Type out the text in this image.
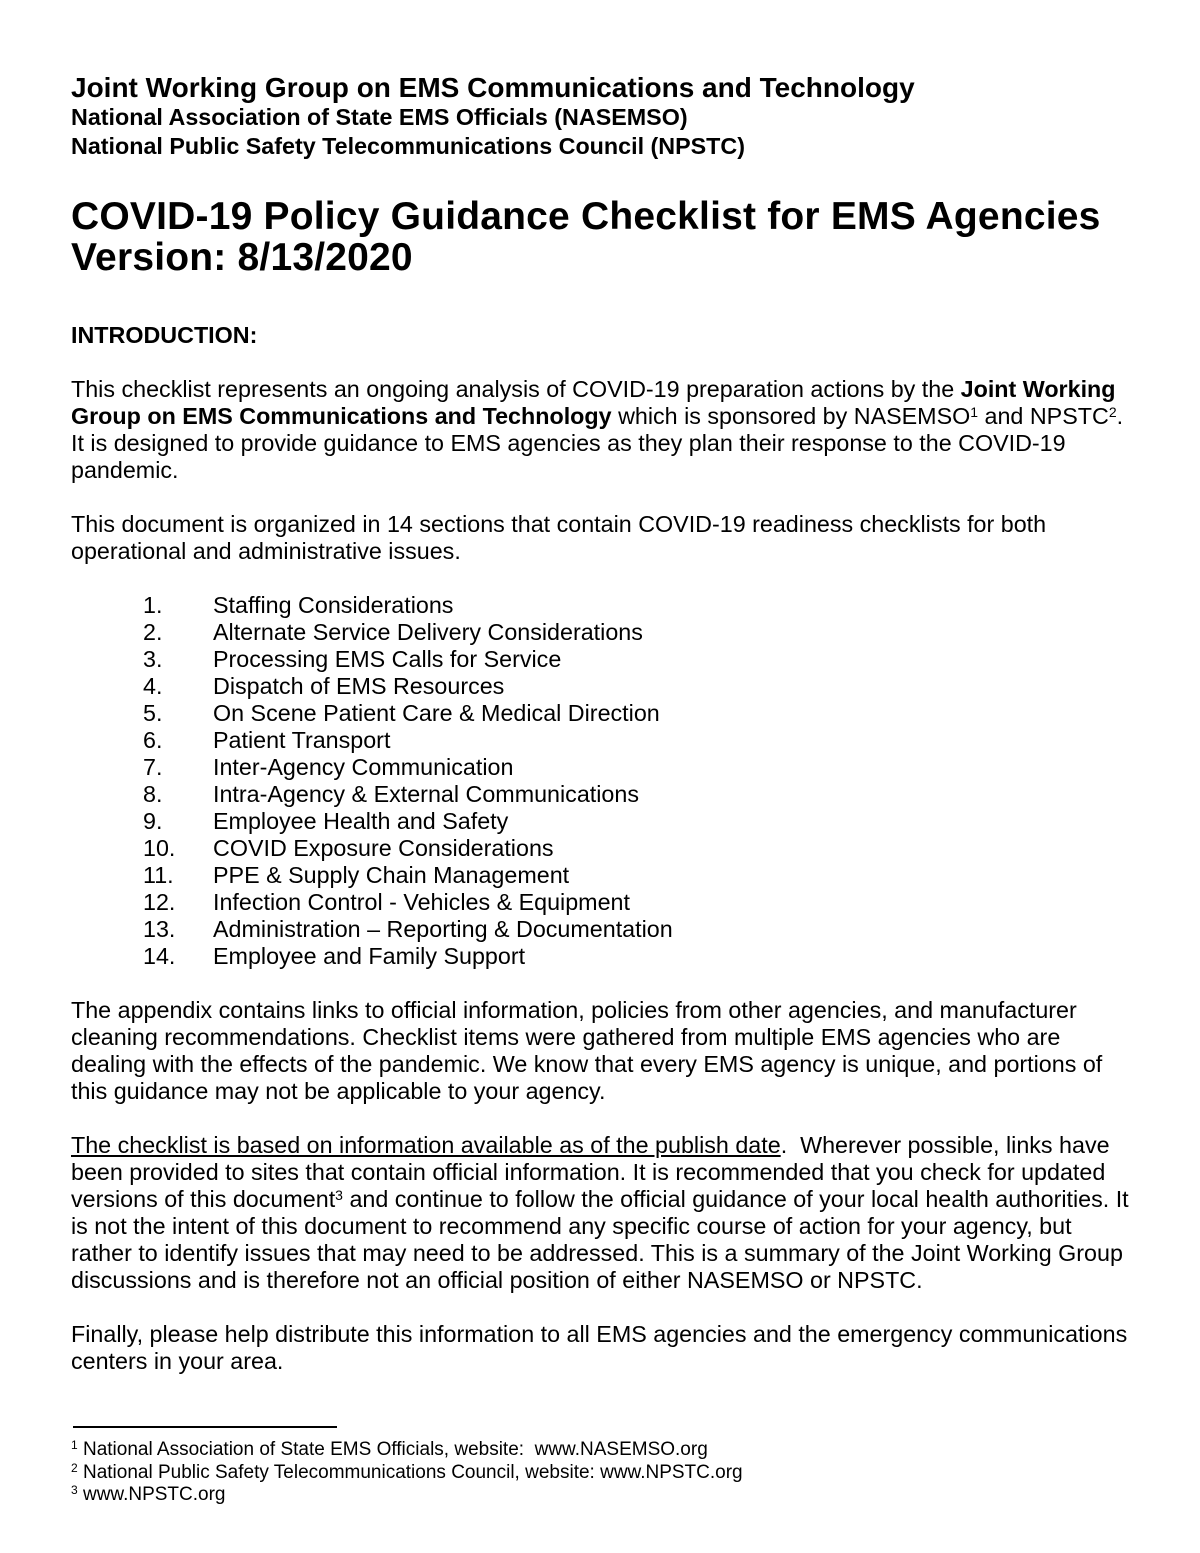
Joint Working Group on EMS Communications and Technology
National Association of State EMS Officials (NASEMSO)
National Public Safety Telecommunications Council (NPSTC)
COVID-19 Policy Guidance Checklist for EMS Agencies
Version: 8/13/2020
INTRODUCTION:

This checklist represents an ongoing analysis of COVID-19 preparation actions by the Joint Working Group on EMS Communications and Technology which is sponsored by NASEMSO$^1$ and NPSTC$^2$. It is designed to provide guidance to EMS agencies as they plan their response to the COVID-19 pandemic.

This document is organized in 14 sections that contain COVID-19 readiness checklists for both operational and administrative issues.

1.	Staffing Considerations
2.	Alternate Service Delivery Considerations
3.	Processing EMS Calls for Service
4.	Dispatch of EMS Resources
5.	On Scene Patient Care & Medical Direction
6.	Patient Transport
7.	Inter-Agency Communication
8.	Intra-Agency & External Communications
9.	Employee Health and Safety
10.	COVID Exposure Considerations
11.	PPE & Supply Chain Management
12.	Infection Control - Vehicles & Equipment
13.	Administration – Reporting & Documentation
14.	Employee and Family Support

The appendix contains links to official information, policies from other agencies, and manufacturer cleaning recommendations. Checklist items were gathered from multiple EMS agencies who are dealing with the effects of the pandemic. We know that every EMS agency is unique, and portions of this guidance may not be applicable to your agency.

The checklist is based on information available as of the publish date.  Wherever possible, links have been provided to sites that contain official information. It is recommended that you check for updated versions of this document$^3$ and continue to follow the official guidance of your local health authorities. It is not the intent of this document to recommend any specific course of action for your agency, but rather to identify issues that may need to be addressed. This is a summary of the Joint Working Group discussions and is therefore not an official position of either NASEMSO or NPSTC.

Finally, please help distribute this information to all EMS agencies and the emergency communications centers in your area.

$^1$ National Association of State EMS Officials, website:  www.NASEMSO.org
$^2$ National Public Safety Telecommunications Council, website: www.NPSTC.org
$^3$ www.NPSTC.org
